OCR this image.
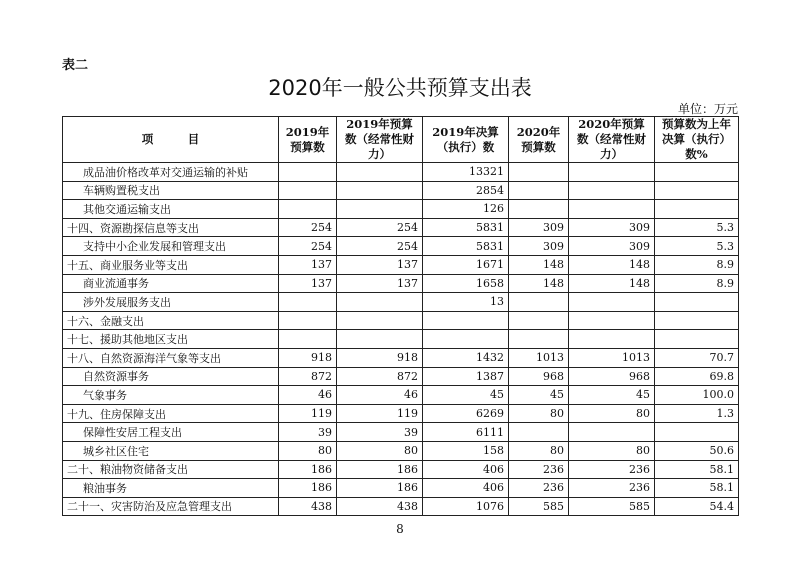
表二
2020年一般公共预算支出表
单位：万元
项　　　目	2019年预算数	2019年预算数（经常性财力）	2019年决算（执行）数	2020年预算数	2020年预算数（经常性财力）	预算数为上年决算（执行）数%
成品油价格改革对交通运输的补贴			13321			
车辆购置税支出			2854			
其他交通运输支出			126			
十四、资源勘探信息等支出	254	254	5831	309	309	5.3
支持中小企业发展和管理支出	254	254	5831	309	309	5.3
十五、商业服务业等支出	137	137	1671	148	148	8.9
商业流通事务	137	137	1658	148	148	8.9
涉外发展服务支出			13			
十六、金融支出						
十七、援助其他地区支出						
十八、自然资源海洋气象等支出	918	918	1432	1013	1013	70.7
自然资源事务	872	872	1387	968	968	69.8
气象事务	46	46	45	45	45	100.0
十九、住房保障支出	119	119	6269	80	80	1.3
保障性安居工程支出	39	39	6111			
城乡社区住宅	80	80	158	80	80	50.6
二十、粮油物资储备支出	186	186	406	236	236	58.1
粮油事务	186	186	406	236	236	58.1
二十一、灾害防治及应急管理支出	438	438	1076	585	585	54.4
8
